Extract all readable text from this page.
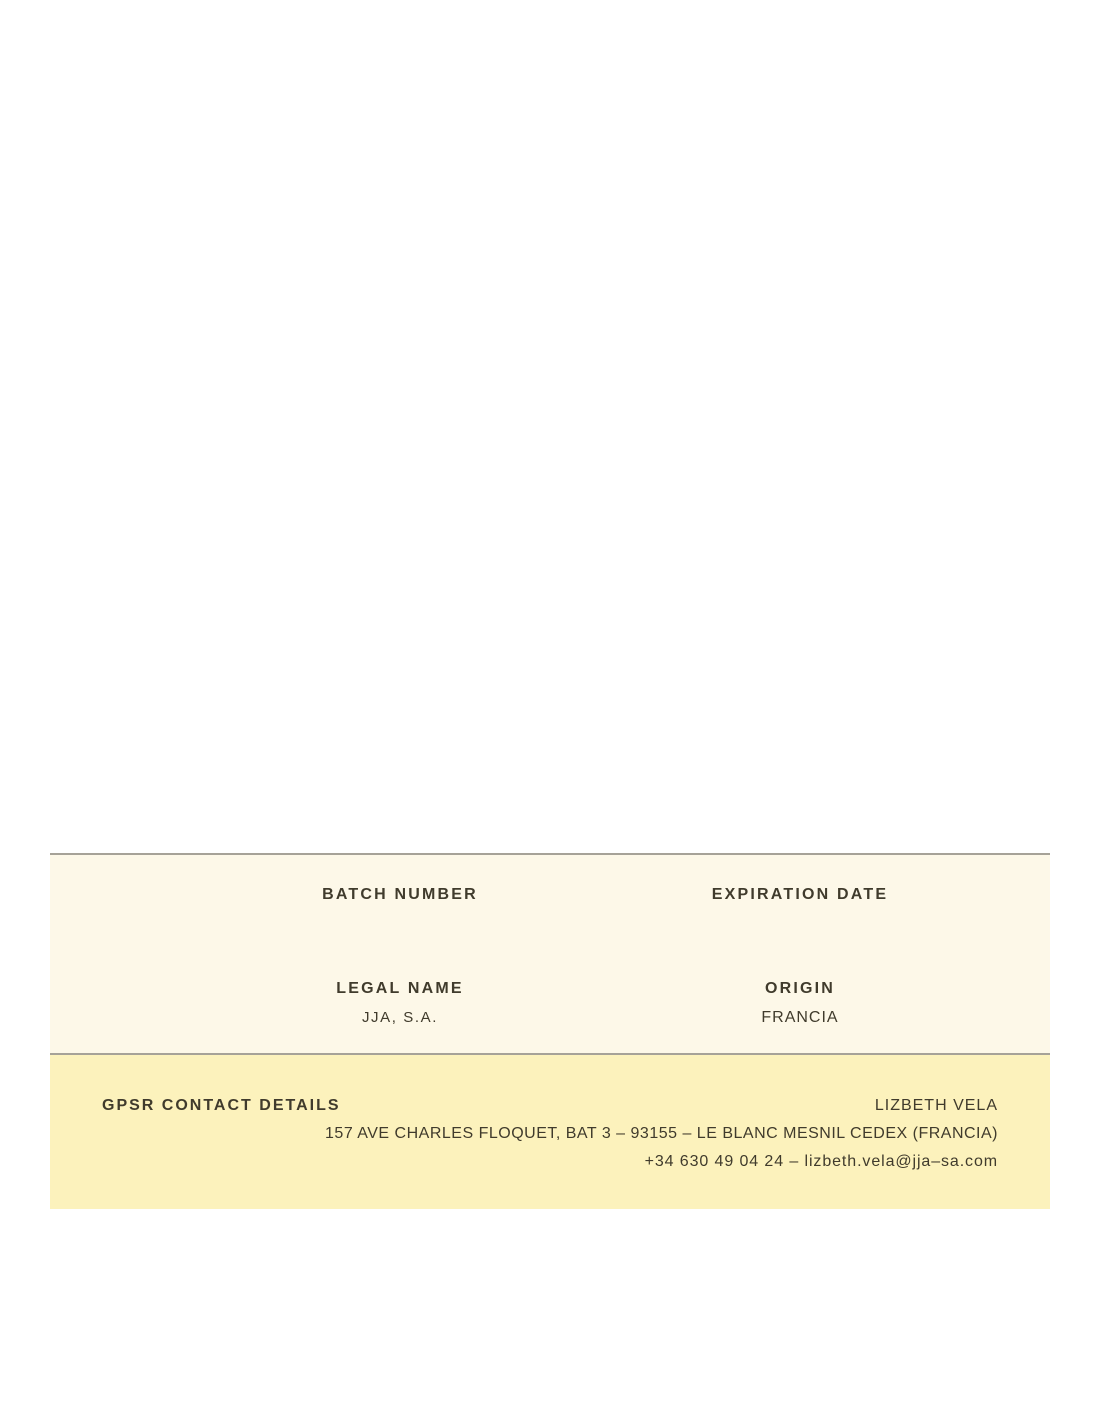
BATCH NUMBER	EXPIRATION DATE
LEGAL NAME	ORIGIN
JJA, S.A.	FRANCIA
GPSR CONTACT DETAILS	LIZBETH VELA
157 AVE CHARLES FLOQUET, BAT 3 – 93155 – LE BLANC MESNIL CEDEX (FRANCIA)
+34 630 49 04 24 – lizbeth.vela@jja–sa.com
